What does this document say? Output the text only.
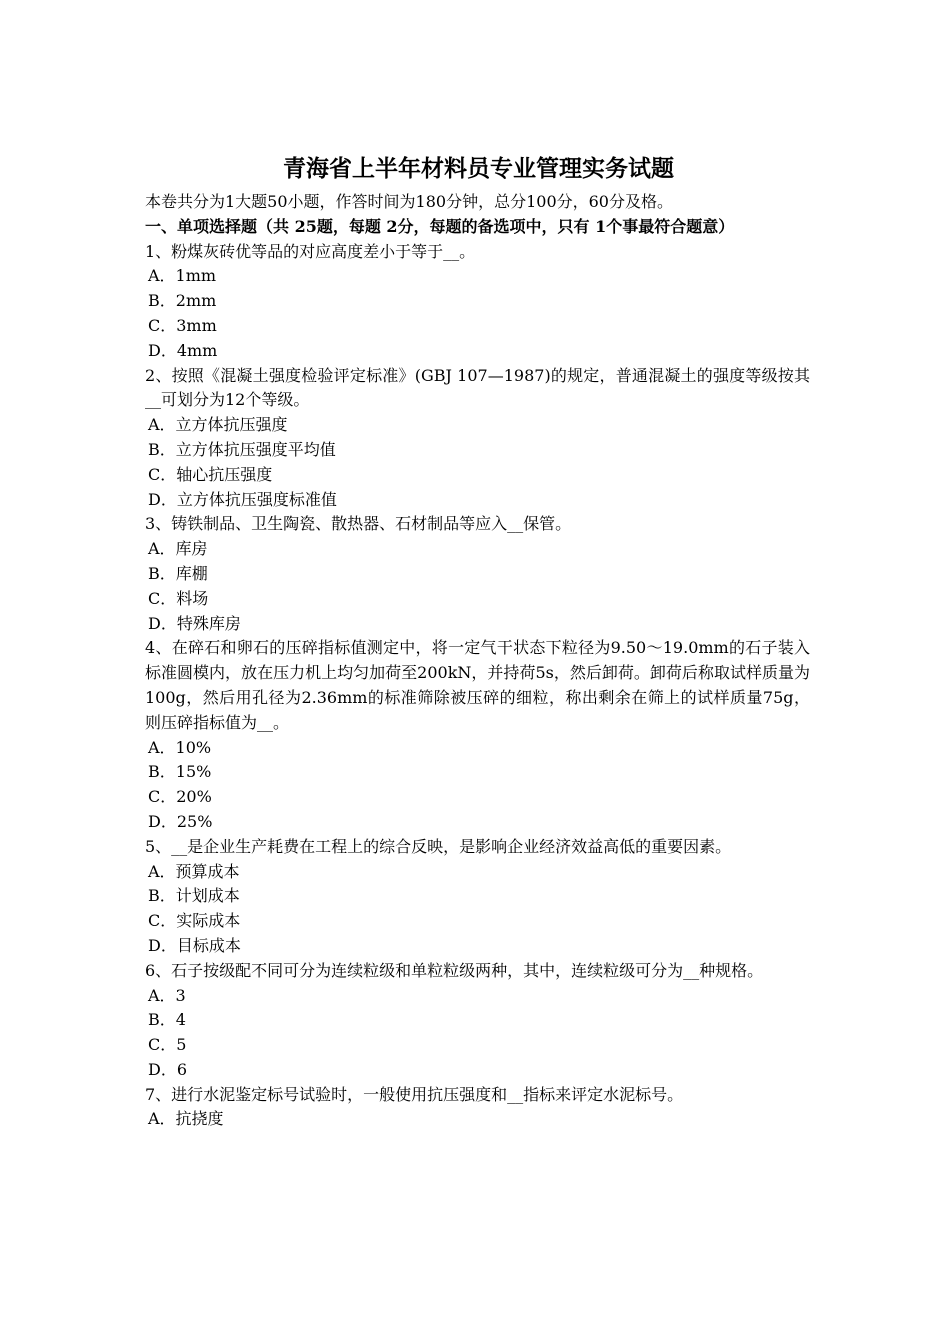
青海省上半年材料员专业管理实务试题

本卷共分为1大题50小题，作答时间为180分钟，总分100分，60分及格。

一、单项选择题（共 25题，每题 2分，每题的备选项中，只有 1个事最符合题意）

1、粉煤灰砖优等品的对应高度差小于等于__。

A．1mm

B．2mm

C．3mm

D．4mm

2、按照《混凝土强度检验评定标准》(GBJ 107—1987)的规定，普通混凝土的强度等级按其__可划分为12个等级。

A．立方体抗压强度

B．立方体抗压强度平均值

C．轴心抗压强度

D．立方体抗压强度标准值

3、铸铁制品、卫生陶瓷、散热器、石材制品等应入__保管。

A．库房

B．库棚

C．料场

D．特殊库房

4、在碎石和卵石的压碎指标值测定中，将一定气干状态下粒径为9.50～19.0mm的石子装入标准圆模内，放在压力机上均匀加荷至200kN，并持荷5s，然后卸荷。卸荷后称取试样质量为100g，然后用孔径为2.36mm的标准筛除被压碎的细粒，称出剩余在筛上的试样质量75g，则压碎指标值为__。

A．10%

B．15%

C．20%

D．25%

5、__是企业生产耗费在工程上的综合反映，是影响企业经济效益高低的重要因素。

A．预算成本

B．计划成本

C．实际成本

D．目标成本

6、石子按级配不同可分为连续粒级和单粒粒级两种，其中，连续粒级可分为__种规格。

A．3

B．4

C．5

D．6

7、进行水泥鉴定标号试验时，一般使用抗压强度和__指标来评定水泥标号。

A．抗挠度
